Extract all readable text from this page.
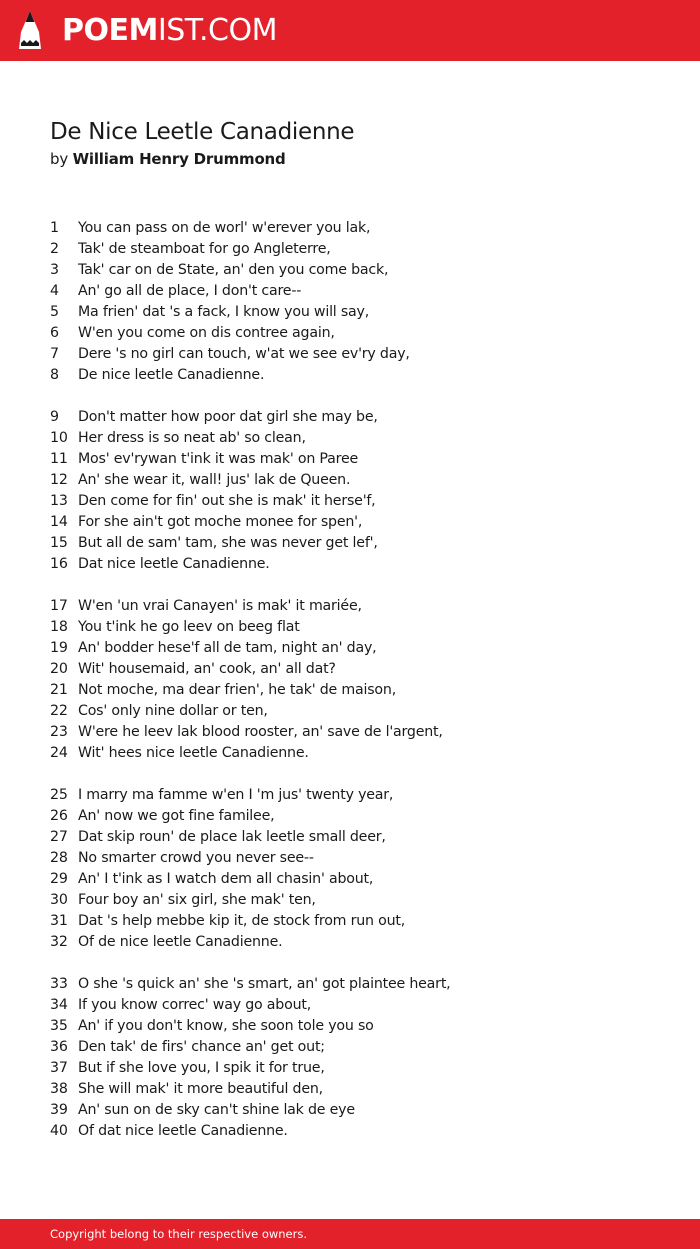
POEMIST.COM
De Nice Leetle Canadienne
by William Henry Drummond
1	You can pass on de worl' w'erever you lak,
2	Tak' de steamboat for go Angleterre,
3	Tak' car on de State, an' den you come back,
4	An' go all de place, I don't care--
5	Ma frien' dat 's a fack, I know you will say,
6	W'en you come on dis contree again,
7	Dere 's no girl can touch, w'at we see ev'ry day,
8	De nice leetle Canadienne.
9	Don't matter how poor dat girl she may be,
10 Her dress is so neat ab' so clean,
11 Mos' ev'rywan t'ink it was mak' on Paree
12 An' she wear it, wall! jus' lak de Queen.
13 Den come for fin' out she is mak' it herse'f,
14 For she ain't got moche monee for spen',
15 But all de sam' tam, she was never get lef',
16 Dat nice leetle Canadienne.
17 W'en 'un vrai Canayen' is mak' it mariée,
18 You t'ink he go leev on beeg flat
19 An' bodder hese'f all de tam, night an' day,
20 Wit' housemaid, an' cook, an' all dat?
21 Not moche, ma dear frien', he tak' de maison,
22 Cos' only nine dollar or ten,
23 W'ere he leev lak blood rooster, an' save de l'argent,
24 Wit' hees nice leetle Canadienne.
25 I marry ma famme w'en I 'm jus' twenty year,
26 An' now we got fine familee,
27 Dat skip roun' de place lak leetle small deer,
28 No smarter crowd you never see--
29 An' I t'ink as I watch dem all chasin' about,
30 Four boy an' six girl, she mak' ten,
31 Dat 's help mebbe kip it, de stock from run out,
32 Of de nice leetle Canadienne.
33 O she 's quick an' she 's smart, an' got plaintee heart,
34 If you know correc' way go about,
35 An' if you don't know, she soon tole you so
36 Den tak' de firs' chance an' get out;
37 But if she love you, I spik it for true,
38 She will mak' it more beautiful den,
39 An' sun on de sky can't shine lak de eye
40 Of dat nice leetle Canadienne.
Copyright belong to their respective owners.
